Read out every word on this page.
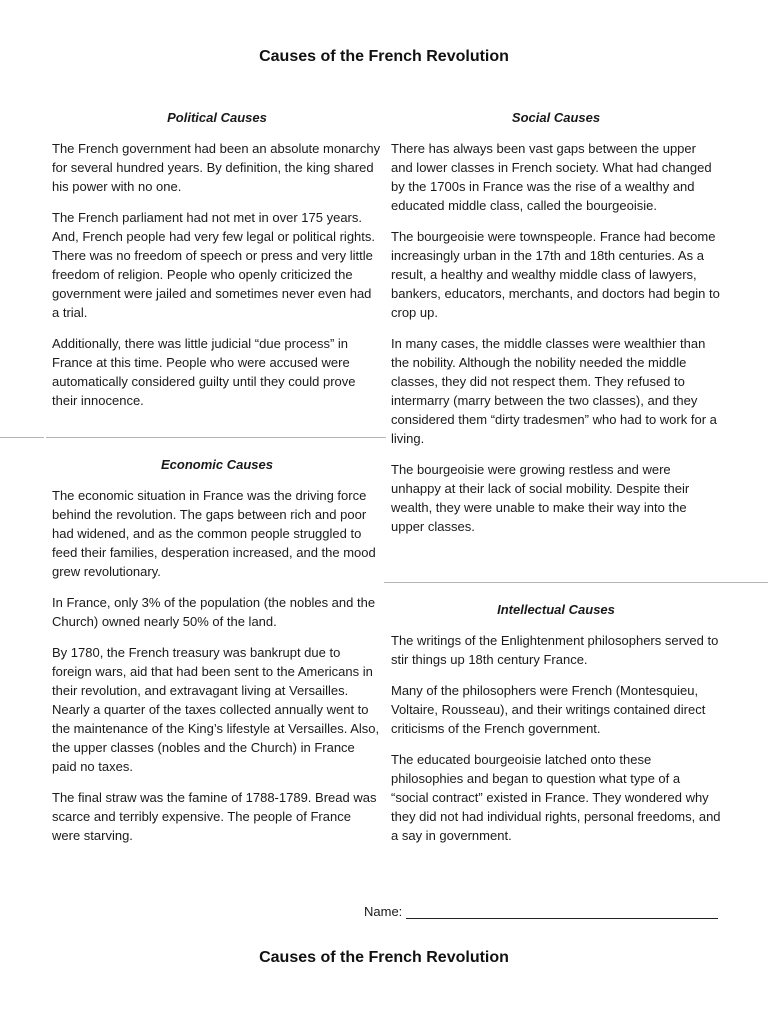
Causes of the French Revolution
Political Causes

The French government had been an absolute monarchy for several hundred years. By definition, the king shared his power with no one.

The French parliament had not met in over 175 years. And, French people had very few legal or political rights. There was no freedom of speech or press and very little freedom of religion. People who openly criticized the government were jailed and sometimes never even had a trial.

Additionally, there was little judicial “due process” in France at this time. People who were accused were automatically considered guilty until they could prove their innocence.

Social Causes

There has always been vast gaps between the upper and lower classes in French society. What had changed by the 1700s in France was the rise of a wealthy and educated middle class, called the bourgeoisie.

The bourgeoisie were townspeople. France had become increasingly urban in the 17th and 18th centuries. As a result, a healthy and wealthy middle class of lawyers, bankers, educators, merchants, and doctors had begin to crop up.

In many cases, the middle classes were wealthier than the nobility. Although the nobility needed the middle classes, they did not respect them. They refused to intermarry (marry between the two classes), and they considered them “dirty tradesmen” who had to work for a living.

The bourgeoisie were growing restless and were unhappy at their lack of social mobility. Despite their wealth, they were unable to make their way into the upper classes.

Economic Causes

The economic situation in France was the driving force behind the revolution. The gaps between rich and poor had widened, and as the common people struggled to feed their families, desperation increased, and the mood grew revolutionary.

In France, only 3% of the population (the nobles and the Church) owned nearly 50% of the land.

By 1780, the French treasury was bankrupt due to foreign wars, aid that had been sent to the Americans in their revolution, and extravagant living at Versailles. Nearly a quarter of the taxes collected annually went to the maintenance of the King’s lifestyle at Versailles. Also, the upper classes (nobles and the Church) in France paid no taxes.

The final straw was the famine of 1788-1789. Bread was scarce and terribly expensive. The people of France were starving.

Intellectual Causes

The writings of the Enlightenment philosophers served to stir things up 18th century France.

Many of the philosophers were French (Montesquieu, Voltaire, Rousseau), and their writings contained direct criticisms of the French government.

The educated bourgeoisie latched onto these philosophies and began to question what type of a “social contract” existed in France. They wondered why they did not had individual rights, personal freedoms, and a say in government.

Name:
Causes of the French Revolution
